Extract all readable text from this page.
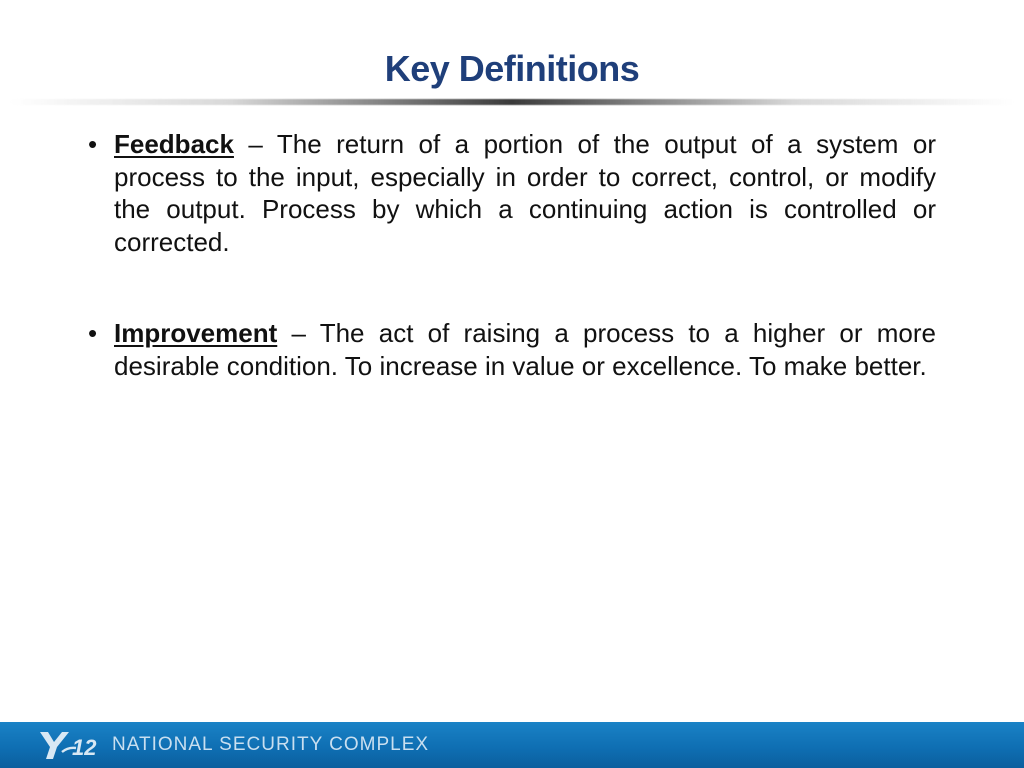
Key Definitions
• Feedback – The return of a portion of the output of a system or process to the input, especially in order to correct, control, or modify the output. Process by which a continuing action is controlled or corrected.
• Improvement – The act of raising a process to a higher or more desirable condition. To increase in value or excellence. To make better.
12 NATIONAL SECURITY COMPLEX
